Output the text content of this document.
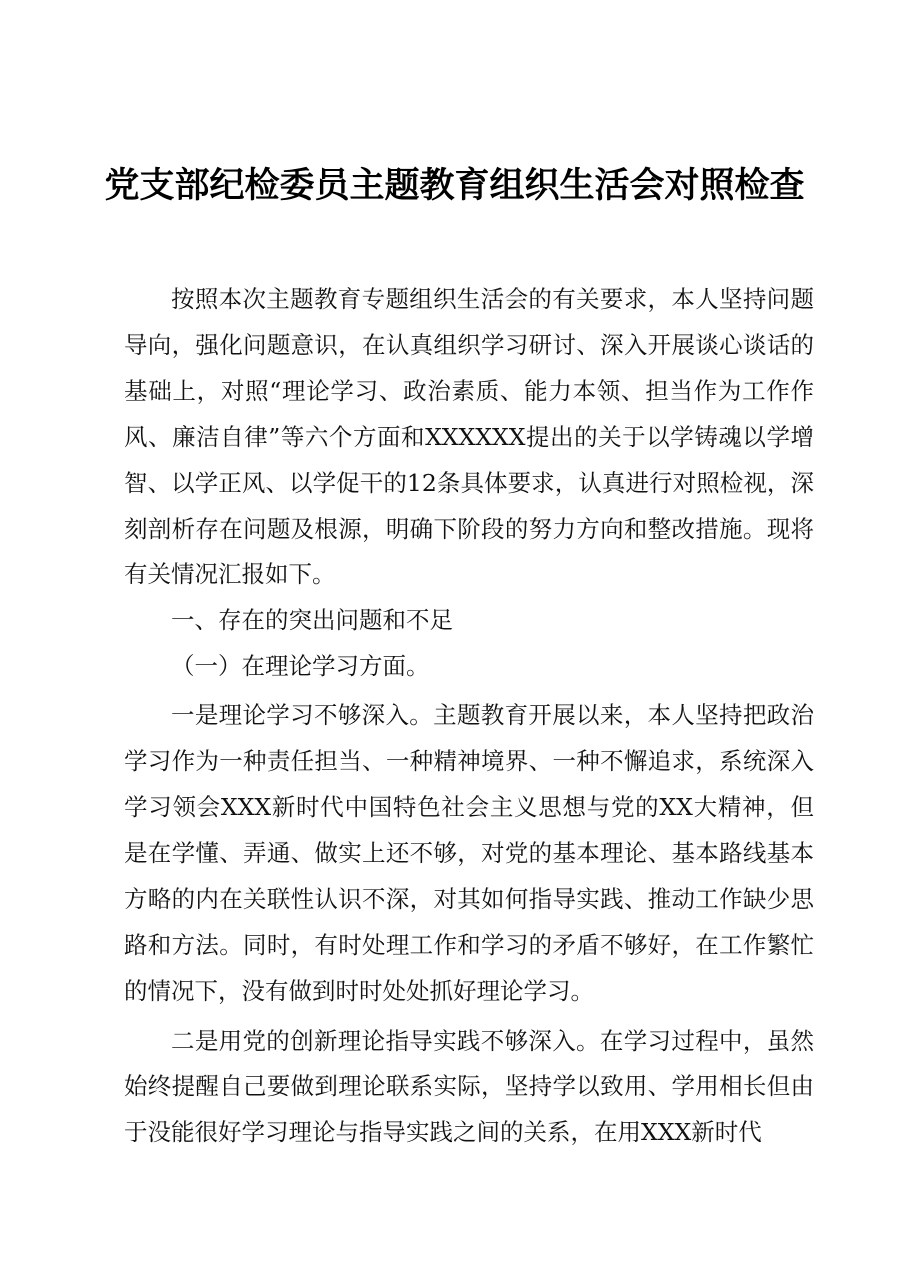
党支部纪检委员主题教育组织生活会对照检查

按照本次主题教育专题组织生活会的有关要求，本人坚持问题导向，强化问题意识，在认真组织学习研讨、深入开展谈心谈话的基础上，对照“理论学习、政治素质、能力本领、担当作为工作作风、廉洁自律”等六个方面和XXXXXX提出的关于以学铸魂以学增智、以学正风、以学促干的12条具体要求，认真进行对照检视，深刻剖析存在问题及根源，明确下阶段的努力方向和整改措施。现将有关情况汇报如下。

一、存在的突出问题和不足

（一）在理论学习方面。

一是理论学习不够深入。主题教育开展以来，本人坚持把政治学习作为一种责任担当、一种精神境界、一种不懈追求，系统深入学习领会XXX新时代中国特色社会主义思想与党的XX大精神，但是在学懂、弄通、做实上还不够，对党的基本理论、基本路线基本方略的内在关联性认识不深，对其如何指导实践、推动工作缺少思路和方法。同时，有时处理工作和学习的矛盾不够好，在工作繁忙的情况下，没有做到时时处处抓好理论学习。

二是用党的创新理论指导实践不够深入。在学习过程中，虽然始终提醒自己要做到理论联系实际，坚持学以致用、学用相长但由于没能很好学习理论与指导实践之间的关系，在用XXX新时代
